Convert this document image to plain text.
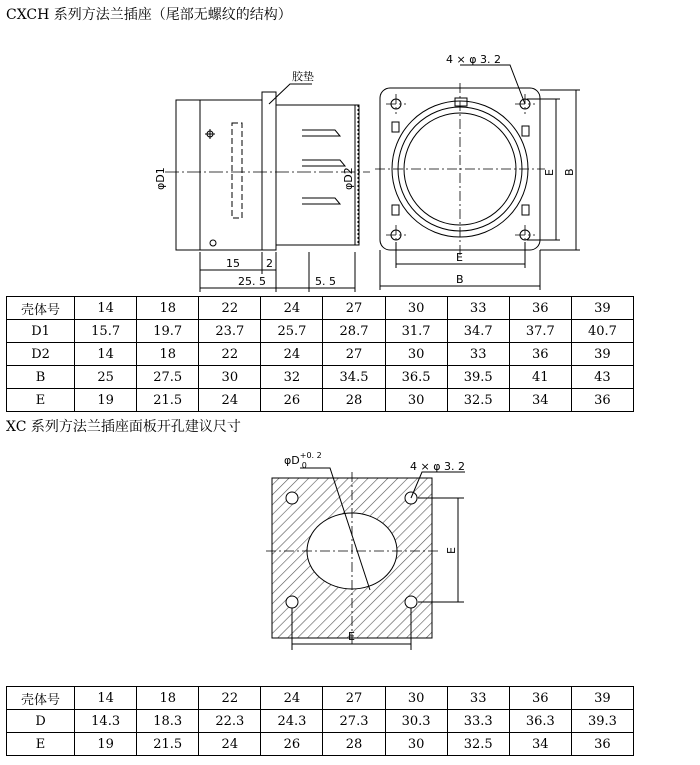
CXCH 系列方法兰插座（尾部无螺纹的结构）
胶垫
φD1	φD2
4 × φ 3. 2
15 2
25. 5	5. 5
E
B
E B
壳体号	14	18	22	24	27	30	33	36	39
D1	15.7	19.7	23.7	25.7	28.7	31.7	34.7	37.7	40.7
D2	14	18	22	24	27	30	33	36	39
B	25	27.5	30	32	34.5	36.5	39.5	41	43
E	19	21.5	24	26	28	30	32.5	34	36
XC 系列方法兰插座面板开孔建议尺寸
$\varphi D^{+0. 2}$ 0	4 × φ 3. 2
E
E
壳体号	14	18	22	24	27	30	33	36	39
D	14.3	18.3	22.3	24.3	27.3	30.3	33.3	36.3	39.3
E	19	21.5	24	26	28	30	32.5	34	36
